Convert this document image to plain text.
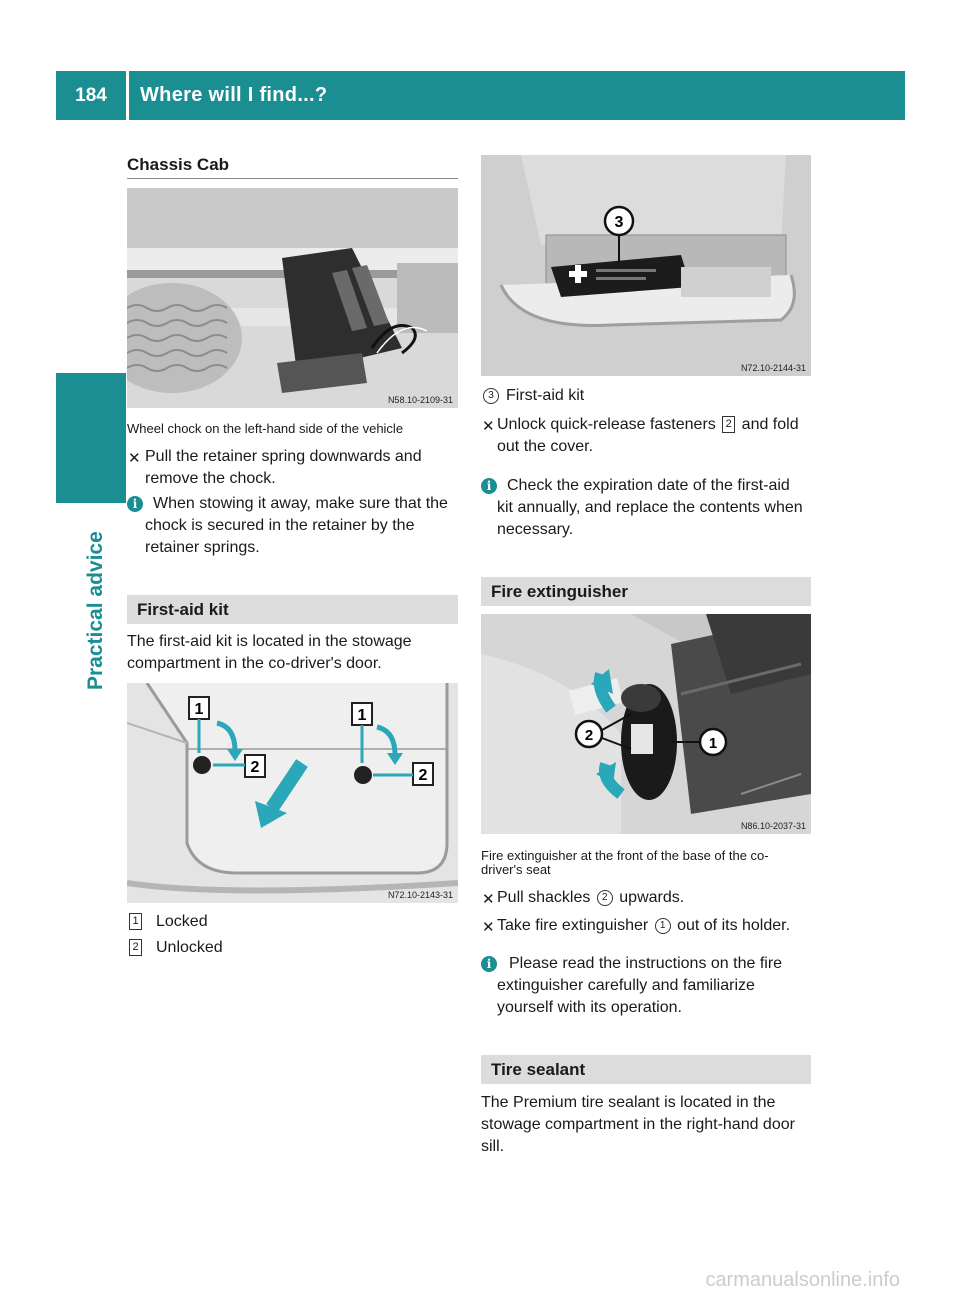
184	Where will I find...?
Practical advice
Chassis Cab
N58.10-2109-31
Wheel chock on the left-hand side of the vehicle
✕ Pull the retainer spring downwards and
remove the chock.
i When stowing it away, make sure that the
chock is secured in the retainer by the
retainer springs.
First-aid kit
The first-aid kit is located in the stowage
compartment in the co-driver's door.
1	1
2	2
N72.10-2143-31
1	Locked
2	Unlocked
3
N72.10-2144-31
3 First-aid kit
✕ Unlock quick-release fasteners 2 and fold
out the cover.
i Check the expiration date of the first-aid
kit annually, and replace the contents when
necessary.
Fire extinguisher
2	1
N86.10-2037-31
Fire extinguisher at the front of the base of the co-
driver's seat
✕ Pull shackles 2 upwards.
✕ Take fire extinguisher 1 out of its holder.
i	Please read the instructions on the fire
extinguisher carefully and familiarize
yourself with its operation.
Tire sealant
The Premium tire sealant is located in the
stowage compartment in the right-hand door
sill.
carmanualsonline.info
